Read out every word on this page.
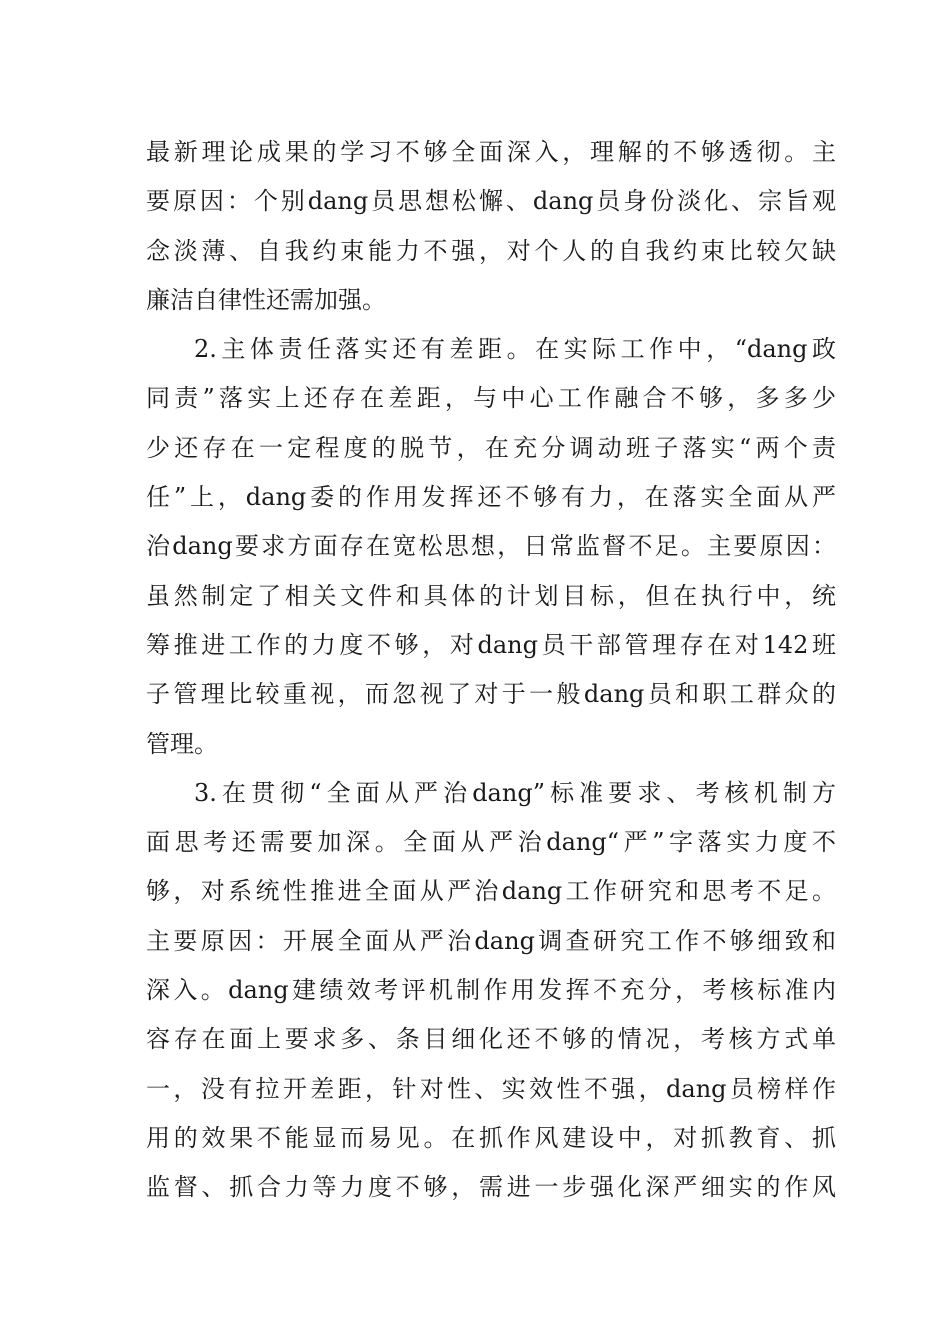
最新理论成果的学习不够全面深入，理解的不够透彻。主
要原因：个别dang员思想松懈、dang员身份淡化、宗旨观
念淡薄、自我约束能力不强，对个人的自我约束比较欠缺
廉洁自律性还需加强。
2.主体责任落实还有差距。在实际工作中，“dang政
同责”落实上还存在差距，与中心工作融合不够，多多少
少还存在一定程度的脱节，在充分调动班子落实“两个责
任”上，dang委的作用发挥还不够有力，在落实全面从严
治dang要求方面存在宽松思想，日常监督不足。主要原因：
虽然制定了相关文件和具体的计划目标，但在执行中，统
筹推进工作的力度不够，对dang员干部管理存在对142班
子管理比较重视，而忽视了对于一般dang员和职工群众的
管理。
3.在贯彻“全面从严治dang”标准要求、考核机制方
面思考还需要加深。全面从严治dang“严”字落实力度不
够，对系统性推进全面从严治dang工作研究和思考不足。
主要原因：开展全面从严治dang调查研究工作不够细致和
深入。dang建绩效考评机制作用发挥不充分，考核标准内
容存在面上要求多、条目细化还不够的情况，考核方式单
一，没有拉开差距，针对性、实效性不强，dang员榜样作
用的效果不能显而易见。在抓作风建设中，对抓教育、抓
监督、抓合力等力度不够，需进一步强化深严细实的作风
